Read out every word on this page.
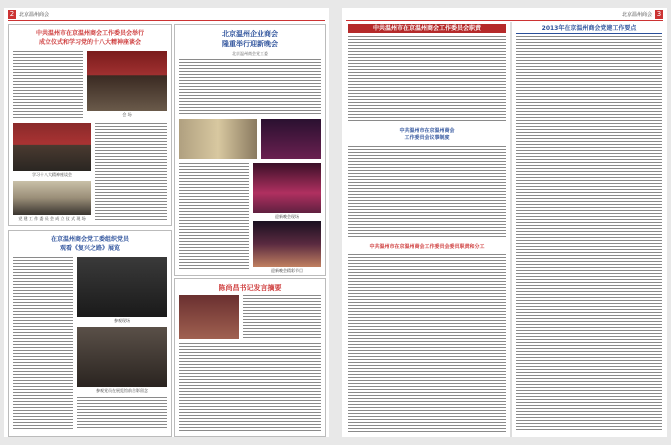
2 北京温州商会
中共温州市在京温州商会工作委员会举行
成立仪式和学习党的十八大精神座谈会
会 场
学习十八大精神座谈会
党 建 工 作 委 员 会 成 立 仪 式 现 场
北京温州企业商会
隆重举行迎新晚会
北京温州商会党工委
迎新晚会现场
迎新晚会精彩节目
在京温州商会党工委组织党员
观看《复兴之路》展览
参观现场
参观党员在展览馆前合影留念
陈尚昌书记发言摘要
北京温州商会 3
中共温州市在京温州商会工作委员会职责
中共温州市在京温州商会
工作委员会议事制度
中共温州市在京温州商会工作委员会委员职责和分工
2013年在京温州商会党建工作要点
